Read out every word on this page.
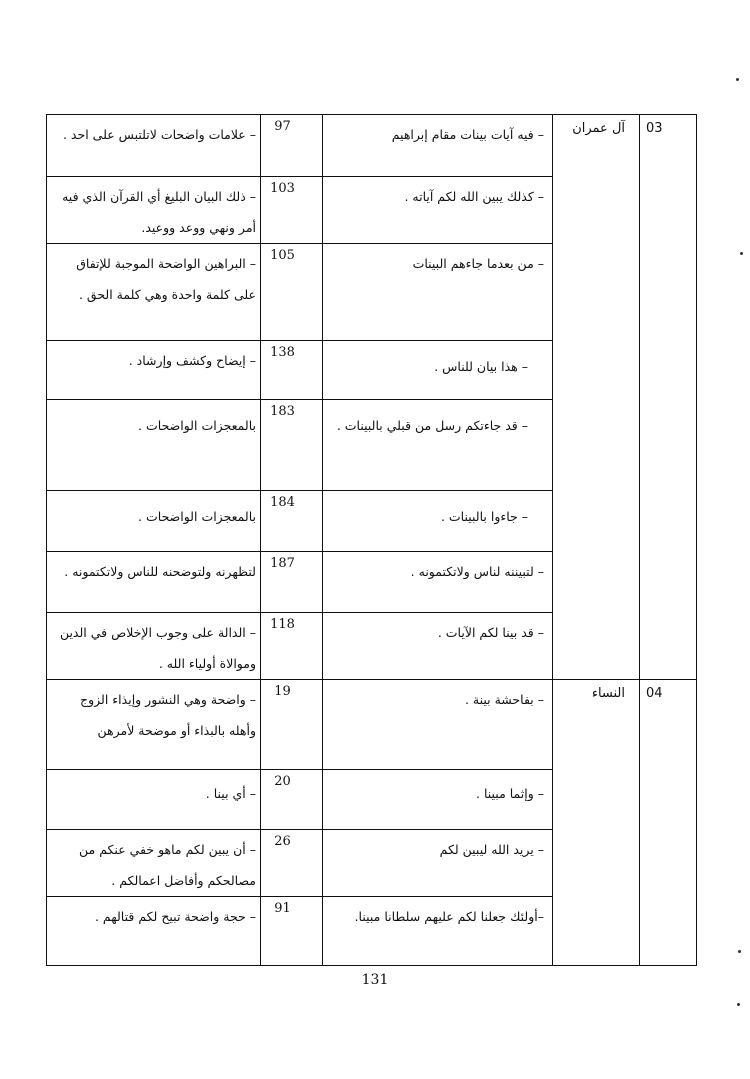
– علامات واضحات لاتلتبس على احد .	97	– فيه آيات بينات مقام إبراهيم	آل عمران	03

– ذلك البيان البليغ أي القرآن الذي فيه أمر ونهي ووعد ووعيد.	103	– كذلك يبين الله لكم آياته .		

– البراهين الواضحة الموجبة للإتفاق على كلمة واحدة وهي كلمة الحق .	105	– من بعدما جاءهم البينات		

– إيضاح وكشف وإرشاد .	138	– هذا بيان للناس .		

بالمعجزات الواضحات .	183	– قد جاءتكم رسل من قبلي بالبينات .		

بالمعجزات الواضحات .	184	– جاءوا بالبينات .		

لتظهرنه ولتوضحنه للناس ولاتكتمونه .	187	– لتبيننه لناس ولاتكتمونه .		

– الدالة على وجوب الإخلاص في الدين وموالاة أولياء الله .	118	– قد بينا لكم الآيات .		

– واضحة وهي النشور وإيذاء الزوج وأهله بالبذاء أو موضحة لأمرهن	19	– بفاحشة بينة .	النساء	04

– أي بينا .	20	– وإثما مبينا .		

– أن يبين لكم ماهو خفي عنكم من مصالحكم وأفاضل اعمالكم .	26	– يريد الله ليبين لكم		

– حجة واضحة تبيح لكم قتالهم .	91	–أولئك جعلنا لكم عليهم سلطانا مبينا.		
131
